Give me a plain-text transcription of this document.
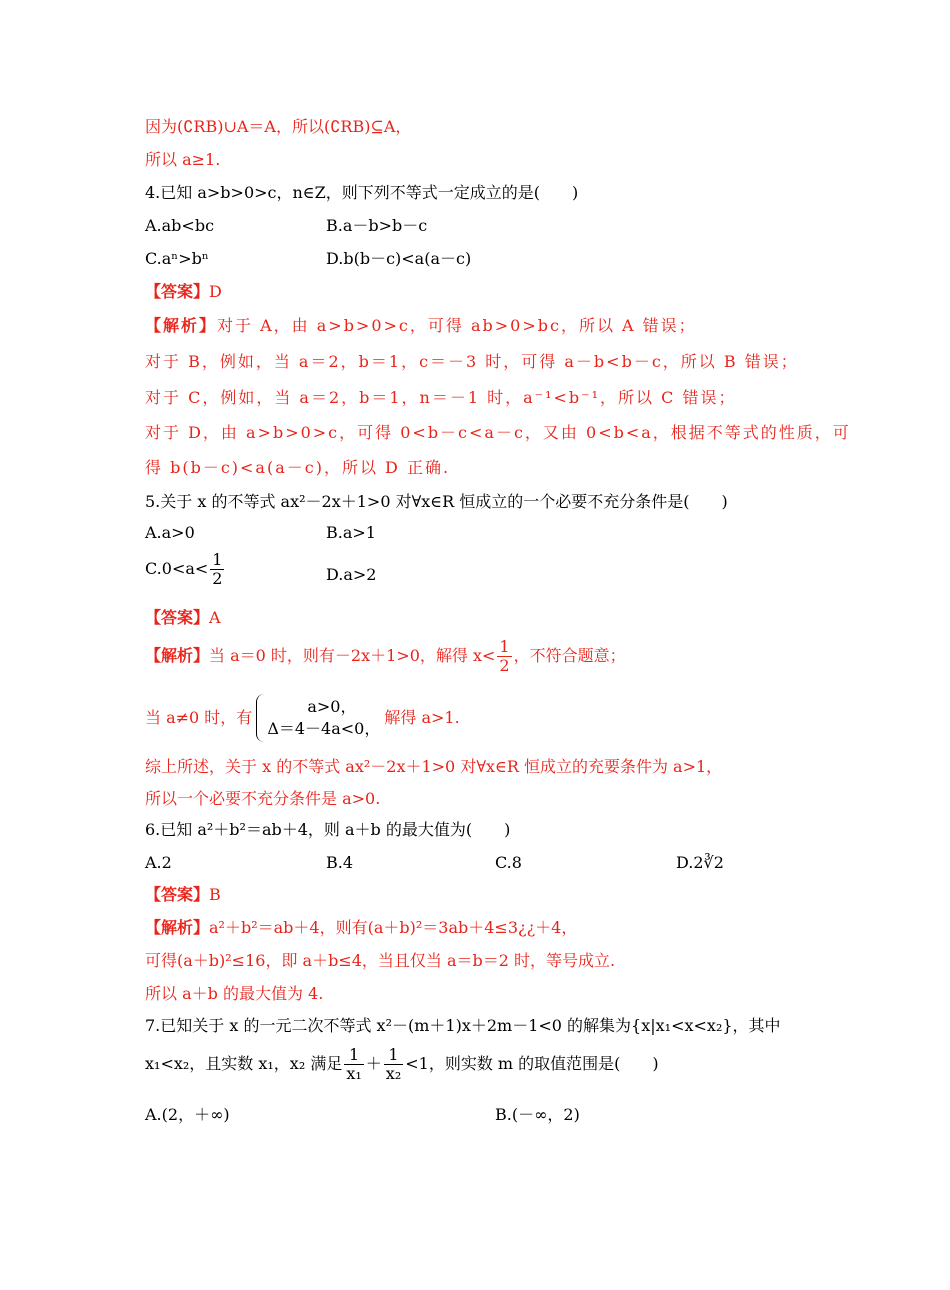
因为(∁RB)∪A＝A，所以(∁RB)⊆A，
所以 a≥1.
4.已知 a>b>0>c，n∈Z，则下列不等式一定成立的是(　　)
A.ab<bc	B.a－b>b－c
C.aⁿ>bⁿ	D.b(b－c)<a(a－c)
【答案】D
【解析】对于 A，由 a>b>0>c，可得 ab>0>bc，所以 A 错误；
对于 B，例如，当 a＝2，b＝1，c＝－3 时，可得 a－b<b－c，所以 B 错误；
对于 C，例如，当 a＝2，b＝1，n＝－1 时，a⁻¹<b⁻¹，所以 C 错误；
对于 D，由 a>b>0>c，可得 0<b－c<a－c，又由 0<b<a，根据不等式的性质，可
得 b(b－c)<a(a－c)，所以 D 正确.
5.关于 x 的不等式 ax²－2x＋1>0 对∀x∈R 恒成立的一个必要不充分条件是(　　)
A.a>0	B.a>1
$C.0<a< \frac{1}{2}$	D.a>2
【答案】A
【解析】当 a＝0 时，则有－2x＋1>0，解得 $x< \frac{1}{2}$ ，不符合题意；
当 a≠0 时，有
a>0，
Δ＝4－4a<0，
解得 a>1.
综上所述，关于 x 的不等式 ax²－2x＋1>0 对∀x∈R 恒成立的充要条件为 a>1，
所以一个必要不充分条件是 a>0.
6.已知 a²＋b²＝ab＋4，则 a＋b 的最大值为(　　)
A.2	B.4	C.8	D.2∛2
【答案】B
【解析】a²＋b²＝ab＋4，则有(a＋b)²＝3ab＋4≤3¿¿＋4，
可得(a＋b)²≤16，即 a＋b≤4，当且仅当 a＝b＝2 时，等号成立.
所以 a＋b 的最大值为 4.
7.已知关于 x 的一元二次不等式 x²－(m＋1)x＋2m－1<0 的解集为{x|x₁<x<x₂}，其中
x₁<x₂，且实数 x₁，x₂ 满足 $\frac{1}{\text{x₁}} + \frac{1}{\text{x₂}} <1$，则实数 m 的取值范围是(　　)
A.(2，＋∞)	B.(－∞，2)
